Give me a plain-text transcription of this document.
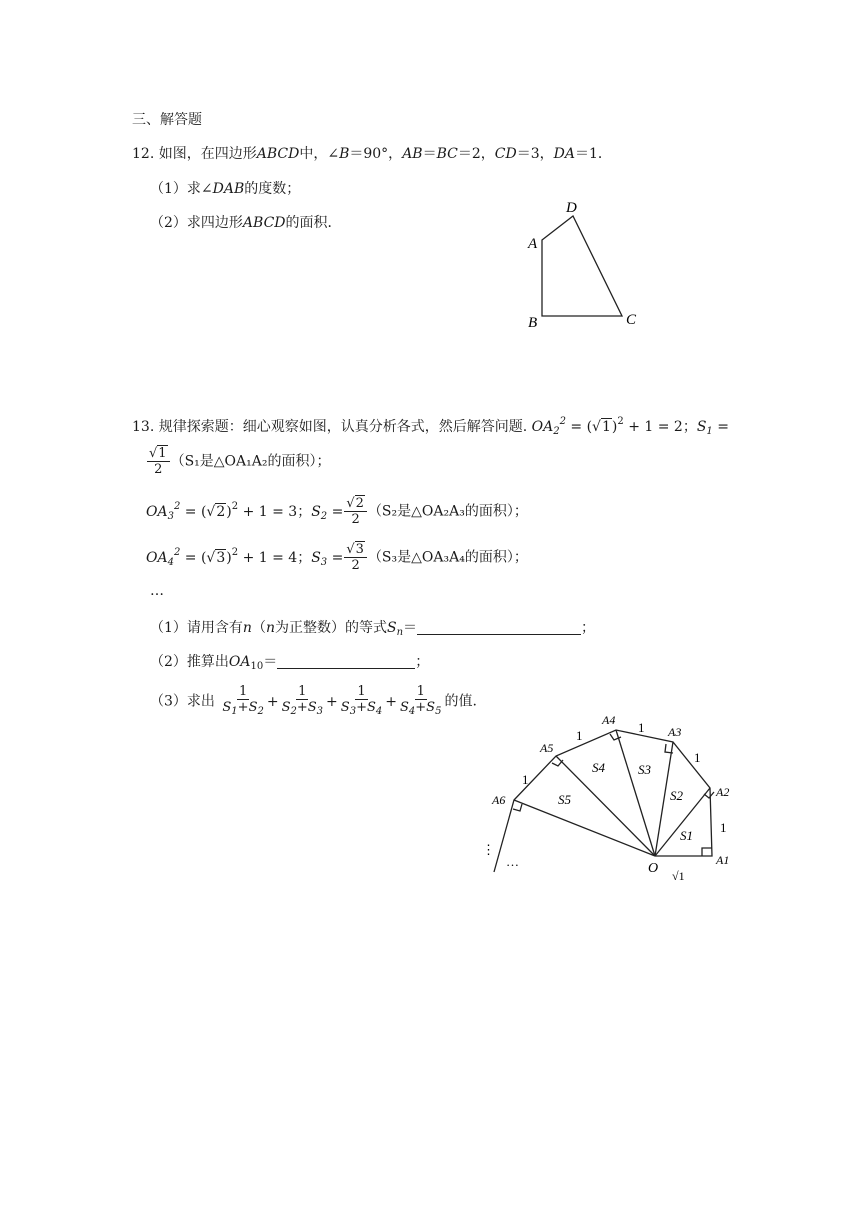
三、解答题
12. 如图，在四边形ABCD中，∠B＝90°，AB＝BC＝2，CD＝3，DA＝1．
（1）求∠DAB的度数；
（2）求四边形ABCD的面积．
A
B	C
D
13. 规律探索题：细心观察如图，认真分析各式，然后解答问题. $OA_2^2 = (√1)^2 + 1 = 2$；$S_1$ =
$\frac{√1}{2} (S_1$是△OA₁A₂的面积）；
$OA_3^2 = (√2)^2 + 1 = 3$；$S_2 = \frac{√2}{2} (S_2$是△OA₂A₃的面积）；
$OA_4^2 = (√3)^2 + 1 = 4$；$S_3 = \frac{√3}{2} (S_3$是△OA₃A₄的面积）；
…
（1）请用含有n（n为正整数）的等式$S_n=$	；
（2）推算出$OA_{10}=$	；
（3）求出 $\frac{1}{S_1+S_2} + \frac{1}{S_2+S_3} + \frac{1}{S_3+S_4} + \frac{1}{S_4+S_5}$ 的值.
A1
A2
A3
A4
A5
A6
O
1
1
1
1
1
√1
S1
S2
S3
S4
S5
…
⋮
